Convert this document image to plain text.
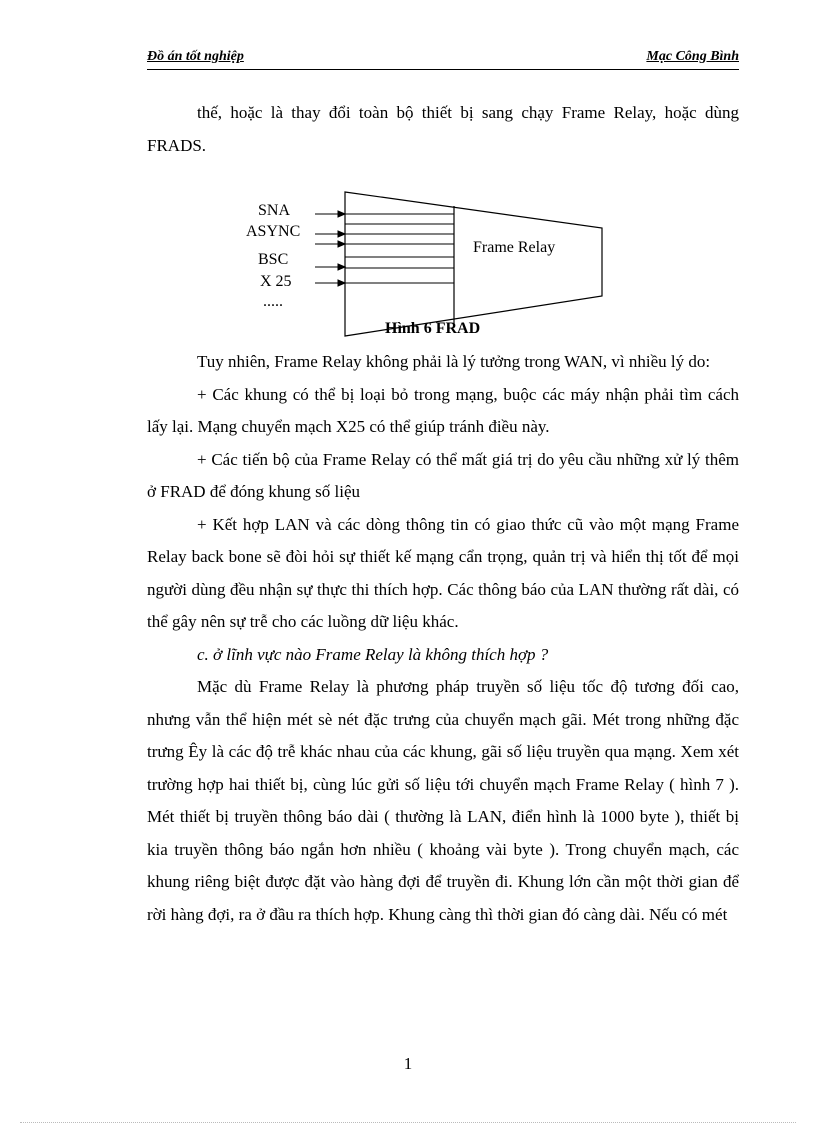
Đồ án tốt nghiệp	Mạc Công Bình

thế, hoặc là thay đổi toàn bộ thiết bị sang chạy Frame Relay, hoặc dùng FRADS.

SNA
ASYNC
BSC
X 25
.....
Frame Relay
Hình 6 FRAD

Tuy nhiên, Frame Relay không phải là lý tưởng trong WAN, vì nhiều lý do:

+ Các khung có thể bị loại bỏ trong mạng, buộc các máy nhận phải tìm cách lấy lại. Mạng chuyển mạch X25 có thể giúp tránh điều này.

+ Các tiến bộ của Frame Relay có thể mất giá trị do yêu cầu những xử lý thêm ở FRAD để đóng khung số liệu

+ Kết hợp LAN và các dòng thông tin có giao thức cũ vào một mạng Frame Relay back bone sẽ đòi hỏi sự thiết kế mạng cẩn trọng, quản trị và hiển thị tốt để mọi người dùng đều nhận sự thực thi thích hợp. Các thông báo của LAN thường rất dài, có thể gây nên sự trễ cho các luồng dữ liệu khác.

c. ở lĩnh vực nào Frame Relay là không thích hợp ?

Mặc dù Frame Relay là phương pháp truyền số liệu tốc độ tương đối cao, nhưng vẫn thể hiện mét sè nét đặc trưng của chuyển mạch gãi. Mét trong những đặc trưng Êy là các độ trễ khác nhau của các khung, gãi số liệu truyền qua mạng. Xem xét trường hợp hai thiết bị, cùng lúc gửi số liệu tới chuyển mạch Frame Relay ( hình 7 ). Mét thiết bị truyền thông báo dài ( thường là LAN, điển hình là 1000 byte ), thiết bị kia truyền thông báo ngắn hơn nhiều ( khoảng vài byte ). Trong chuyển mạch, các khung riêng biệt được đặt vào hàng đợi để truyền đi. Khung lớn cần một thời gian để rời hàng đợi, ra ở đầu ra thích hợp. Khung càng thì thời gian đó càng dài. Nếu có mét

1
